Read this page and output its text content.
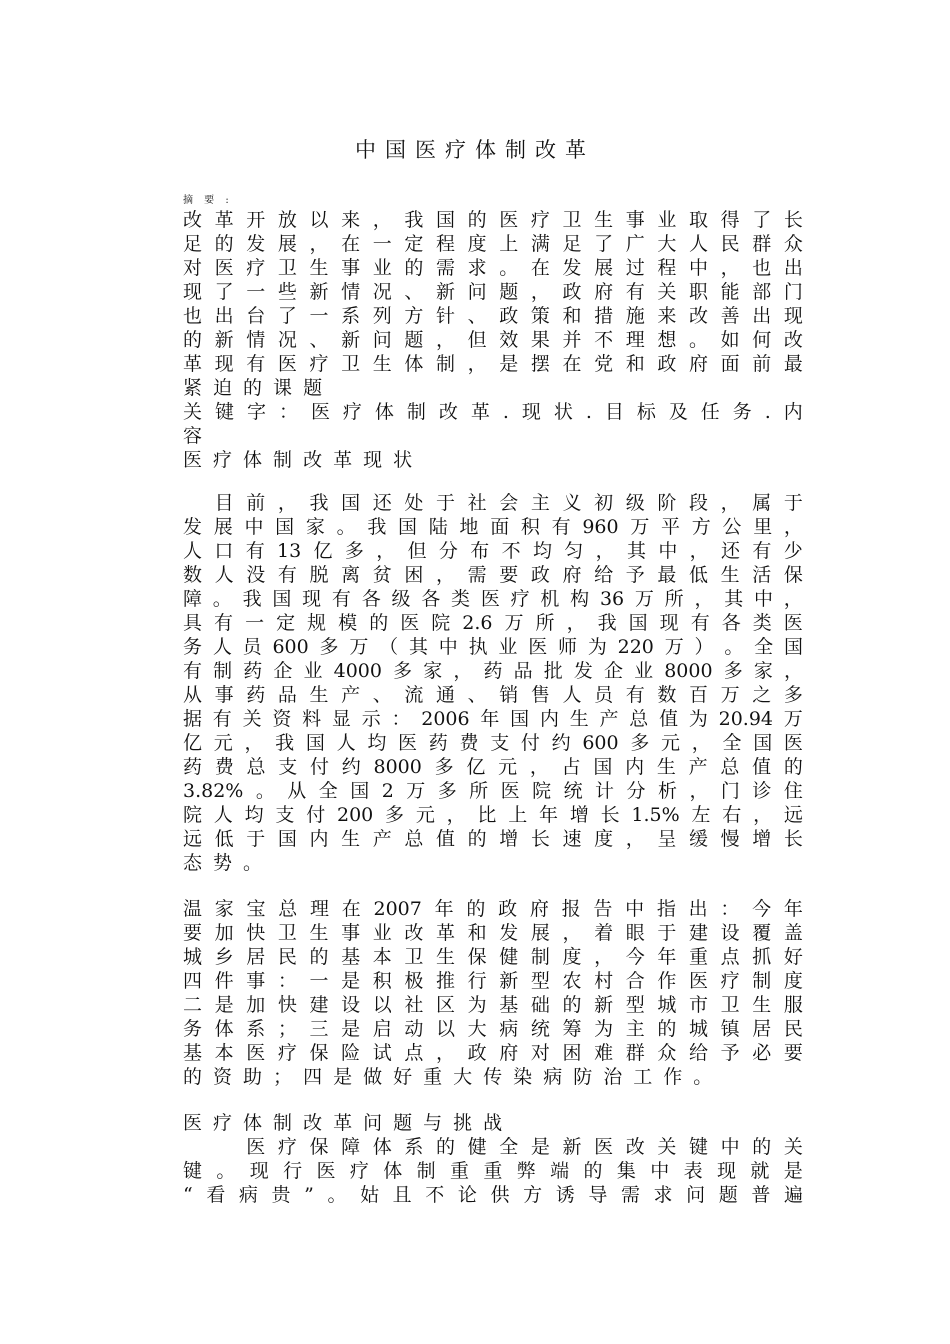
中国医疗体制改革
摘 要 :
改 革 开 放 以 来 ， 我 国 的 医 疗 卫 生 事 业 取 得 了 长
足 的 发 展 ， 在 一 定 程 度 上 满 足 了 广 大 人 民 群 众
对 医 疗 卫 生 事 业 的 需 求 。 在 发 展 过 程 中 ， 也 出
现 了 一 些 新 情 况 、 新 问 题 ， 政 府 有 关 职 能 部 门
也 出 台 了 一 系 列 方 针 、 政 策 和 措 施 来 改 善 出 现
的 新 情 况 、 新 问 题 ， 但 效 果 并 不 理 想 。 如 何 改
革 现 有 医 疗 卫 生 体 制 ， 是 摆 在 党 和 政 府 面 前 最
紧 迫 的 课 题
关 键 字 ： 医 疗 体 制 改 革 . 现 状 . 目 标 及 任 务 . 内
容
医 疗 体 制 改 革 现 状

目 前 ， 我 国 还 处 于 社 会 主 义 初 级 阶 段 ， 属 于
发 展 中 国 家 。 我 国 陆 地 面 积 有 960 万 平 方 公 里 ，
人 口 有 13 亿 多 ， 但 分 布 不 均 匀 ， 其 中 ， 还 有 少
数 人 没 有 脱 离 贫 困 ， 需 要 政 府 给 予 最 低 生 活 保
障 。 我 国 现 有 各 级 各 类 医 疗 机 构 36 万 所 ， 其 中 ，
具 有 一 定 规 模 的 医 院 2.6 万 所 ， 我 国 现 有 各 类 医
务 人 员 600 多 万 （ 其 中 执 业 医 师 为 220 万 ） 。 全 国
有 制 药 企 业 4000 多 家 ， 药 品 批 发 企 业 8000 多 家 ，
从 事 药 品 生 产 、 流 通 、 销 售 人 员 有 数 百 万 之 多
据 有 关 资 料 显 示 ： 2006 年 国 内 生 产 总 值 为 20.94 万
亿 元 ， 我 国 人 均 医 药 费 支 付 约 600 多 元 ， 全 国 医
药 费 总 支 付 约 8000 多 亿 元 ， 占 国 内 生 产 总 值 的
3.82% 。 从 全 国 2 万 多 所 医 院 统 计 分 析 ， 门 诊 住
院 人 均 支 付 200 多 元 ， 比 上 年 增 长 1.5% 左 右 ， 远
远 低 于 国 内 生 产 总 值 的 增 长 速 度 ， 呈 缓 慢 增 长
态 势 。
温 家 宝 总 理 在 2007 年 的 政 府 报 告 中 指 出 ： 今 年
要 加 快 卫 生 事 业 改 革 和 发 展 ， 着 眼 于 建 设 覆 盖
城 乡 居 民 的 基 本 卫 生 保 健 制 度 ， 今 年 重 点 抓 好
四 件 事 ： 一 是 积 极 推 行 新 型 农 村 合 作 医 疗 制 度
二 是 加 快 建 设 以 社 区 为 基 础 的 新 型 城 市 卫 生 服
务 体 系 ； 三 是 启 动 以 大 病 统 筹 为 主 的 城 镇 居 民
基 本 医 疗 保 险 试 点 ， 政 府 对 困 难 群 众 给 予 必 要
的 资 助 ； 四 是 做 好 重 大 传 染 病 防 治 工 作 。
医 疗 体 制 改 革 问 题 与 挑 战

医 疗 保 障 体 系 的 健 全 是 新 医 改 关 键 中 的 关
键 。 现 行 医 疗 体 制 重 重 弊 端 的 集 中 表 现 就 是
“ 看 病 贵 ” 。 姑 且 不 论 供 方 诱 导 需 求 问 题 普 遍
